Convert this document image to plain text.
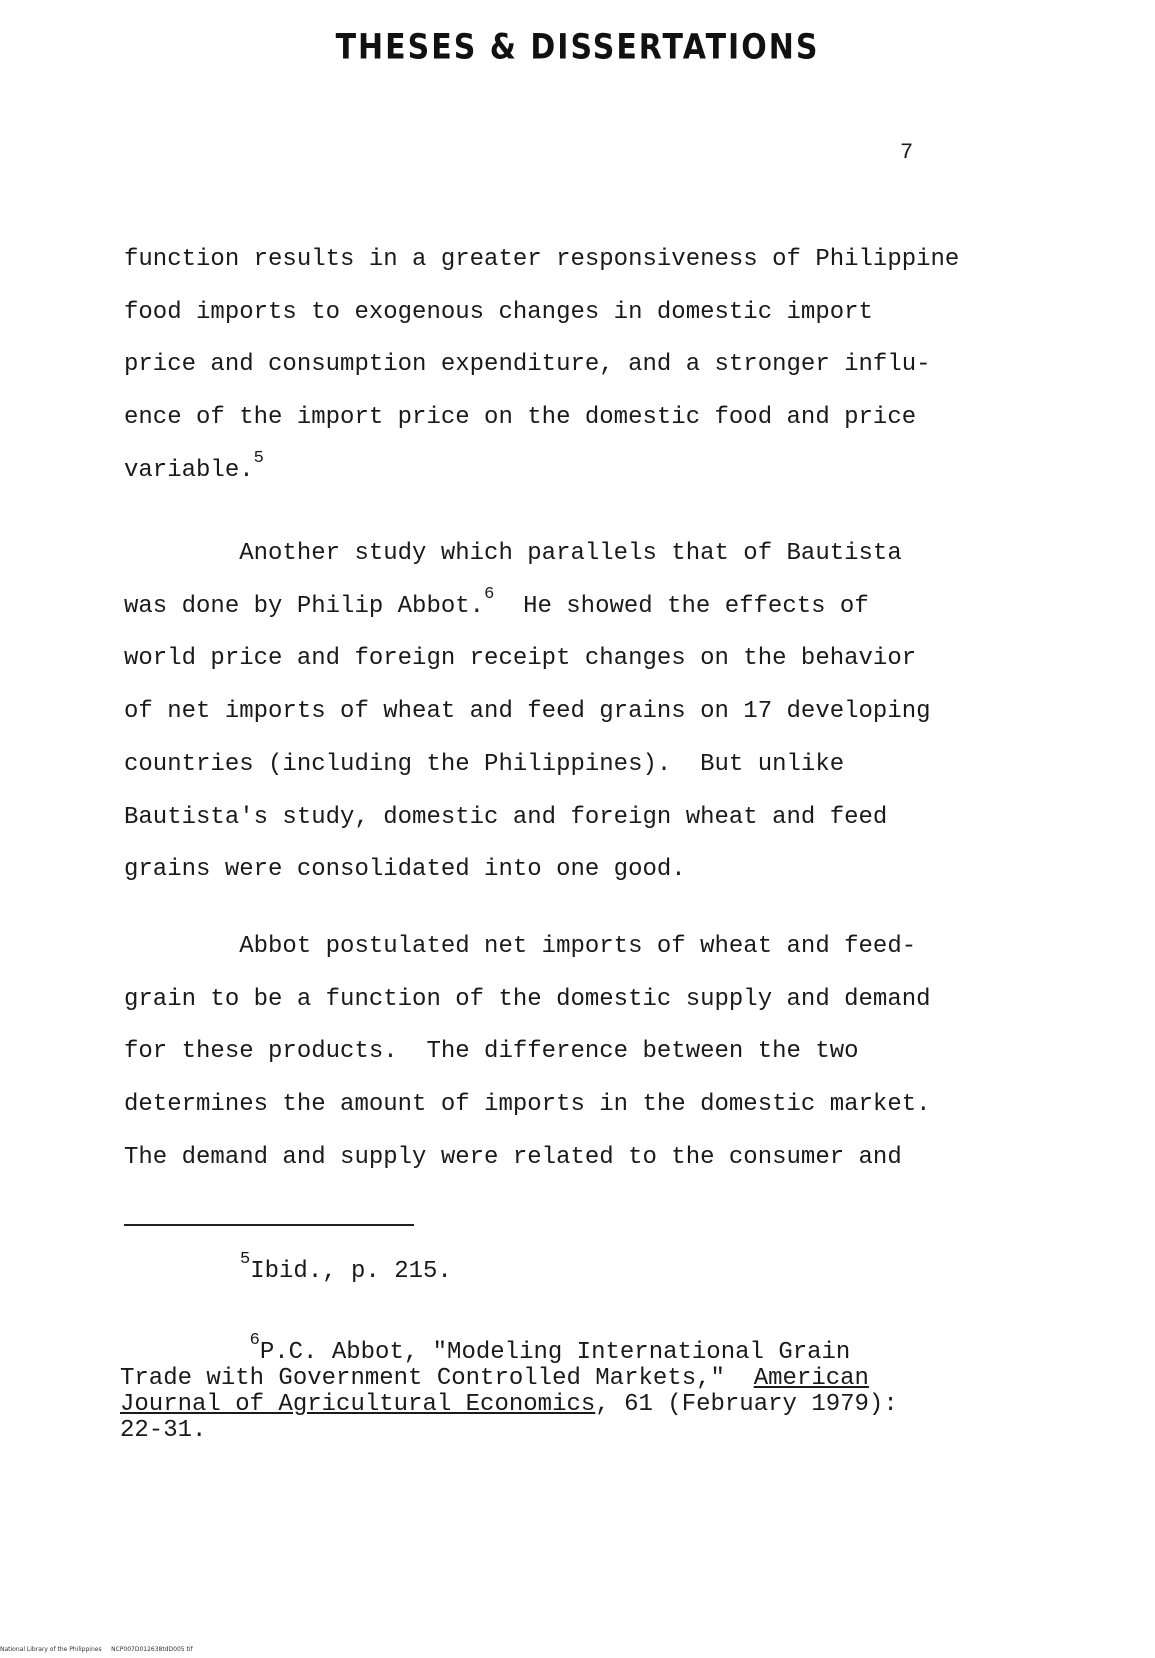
THESES & DISSERTATIONS
7
function results in a greater responsiveness of Philippine
food imports to exogenous changes in domestic import
price and consumption expenditure, and a stronger influ-
ence of the import price on the domestic food and price
variable.$^5$
Another study which parallels that of Bautista
was done by Philip Abbot.$^6$  He showed the effects of
world price and foreign receipt changes on the behavior
of net imports of wheat and feed grains on 17 developing
countries (including the Philippines).  But unlike
Bautista's study, domestic and foreign wheat and feed
grains were consolidated into one good.
Abbot postulated net imports of wheat and feed-
grain to be a function of the domestic supply and demand
for these products.  The difference between the two
determines the amount of imports in the domestic market.
The demand and supply were related to the consumer and
$^5$Ibid., p. 215.
$^6$P.C. Abbot, "Modeling International Grain
Trade with Government Controlled Markets,"  American
Journal of Agricultural Economics, 61 (February 1979):
22-31.
National Library of the Philippines     NCP007D012638tdD005 tif
